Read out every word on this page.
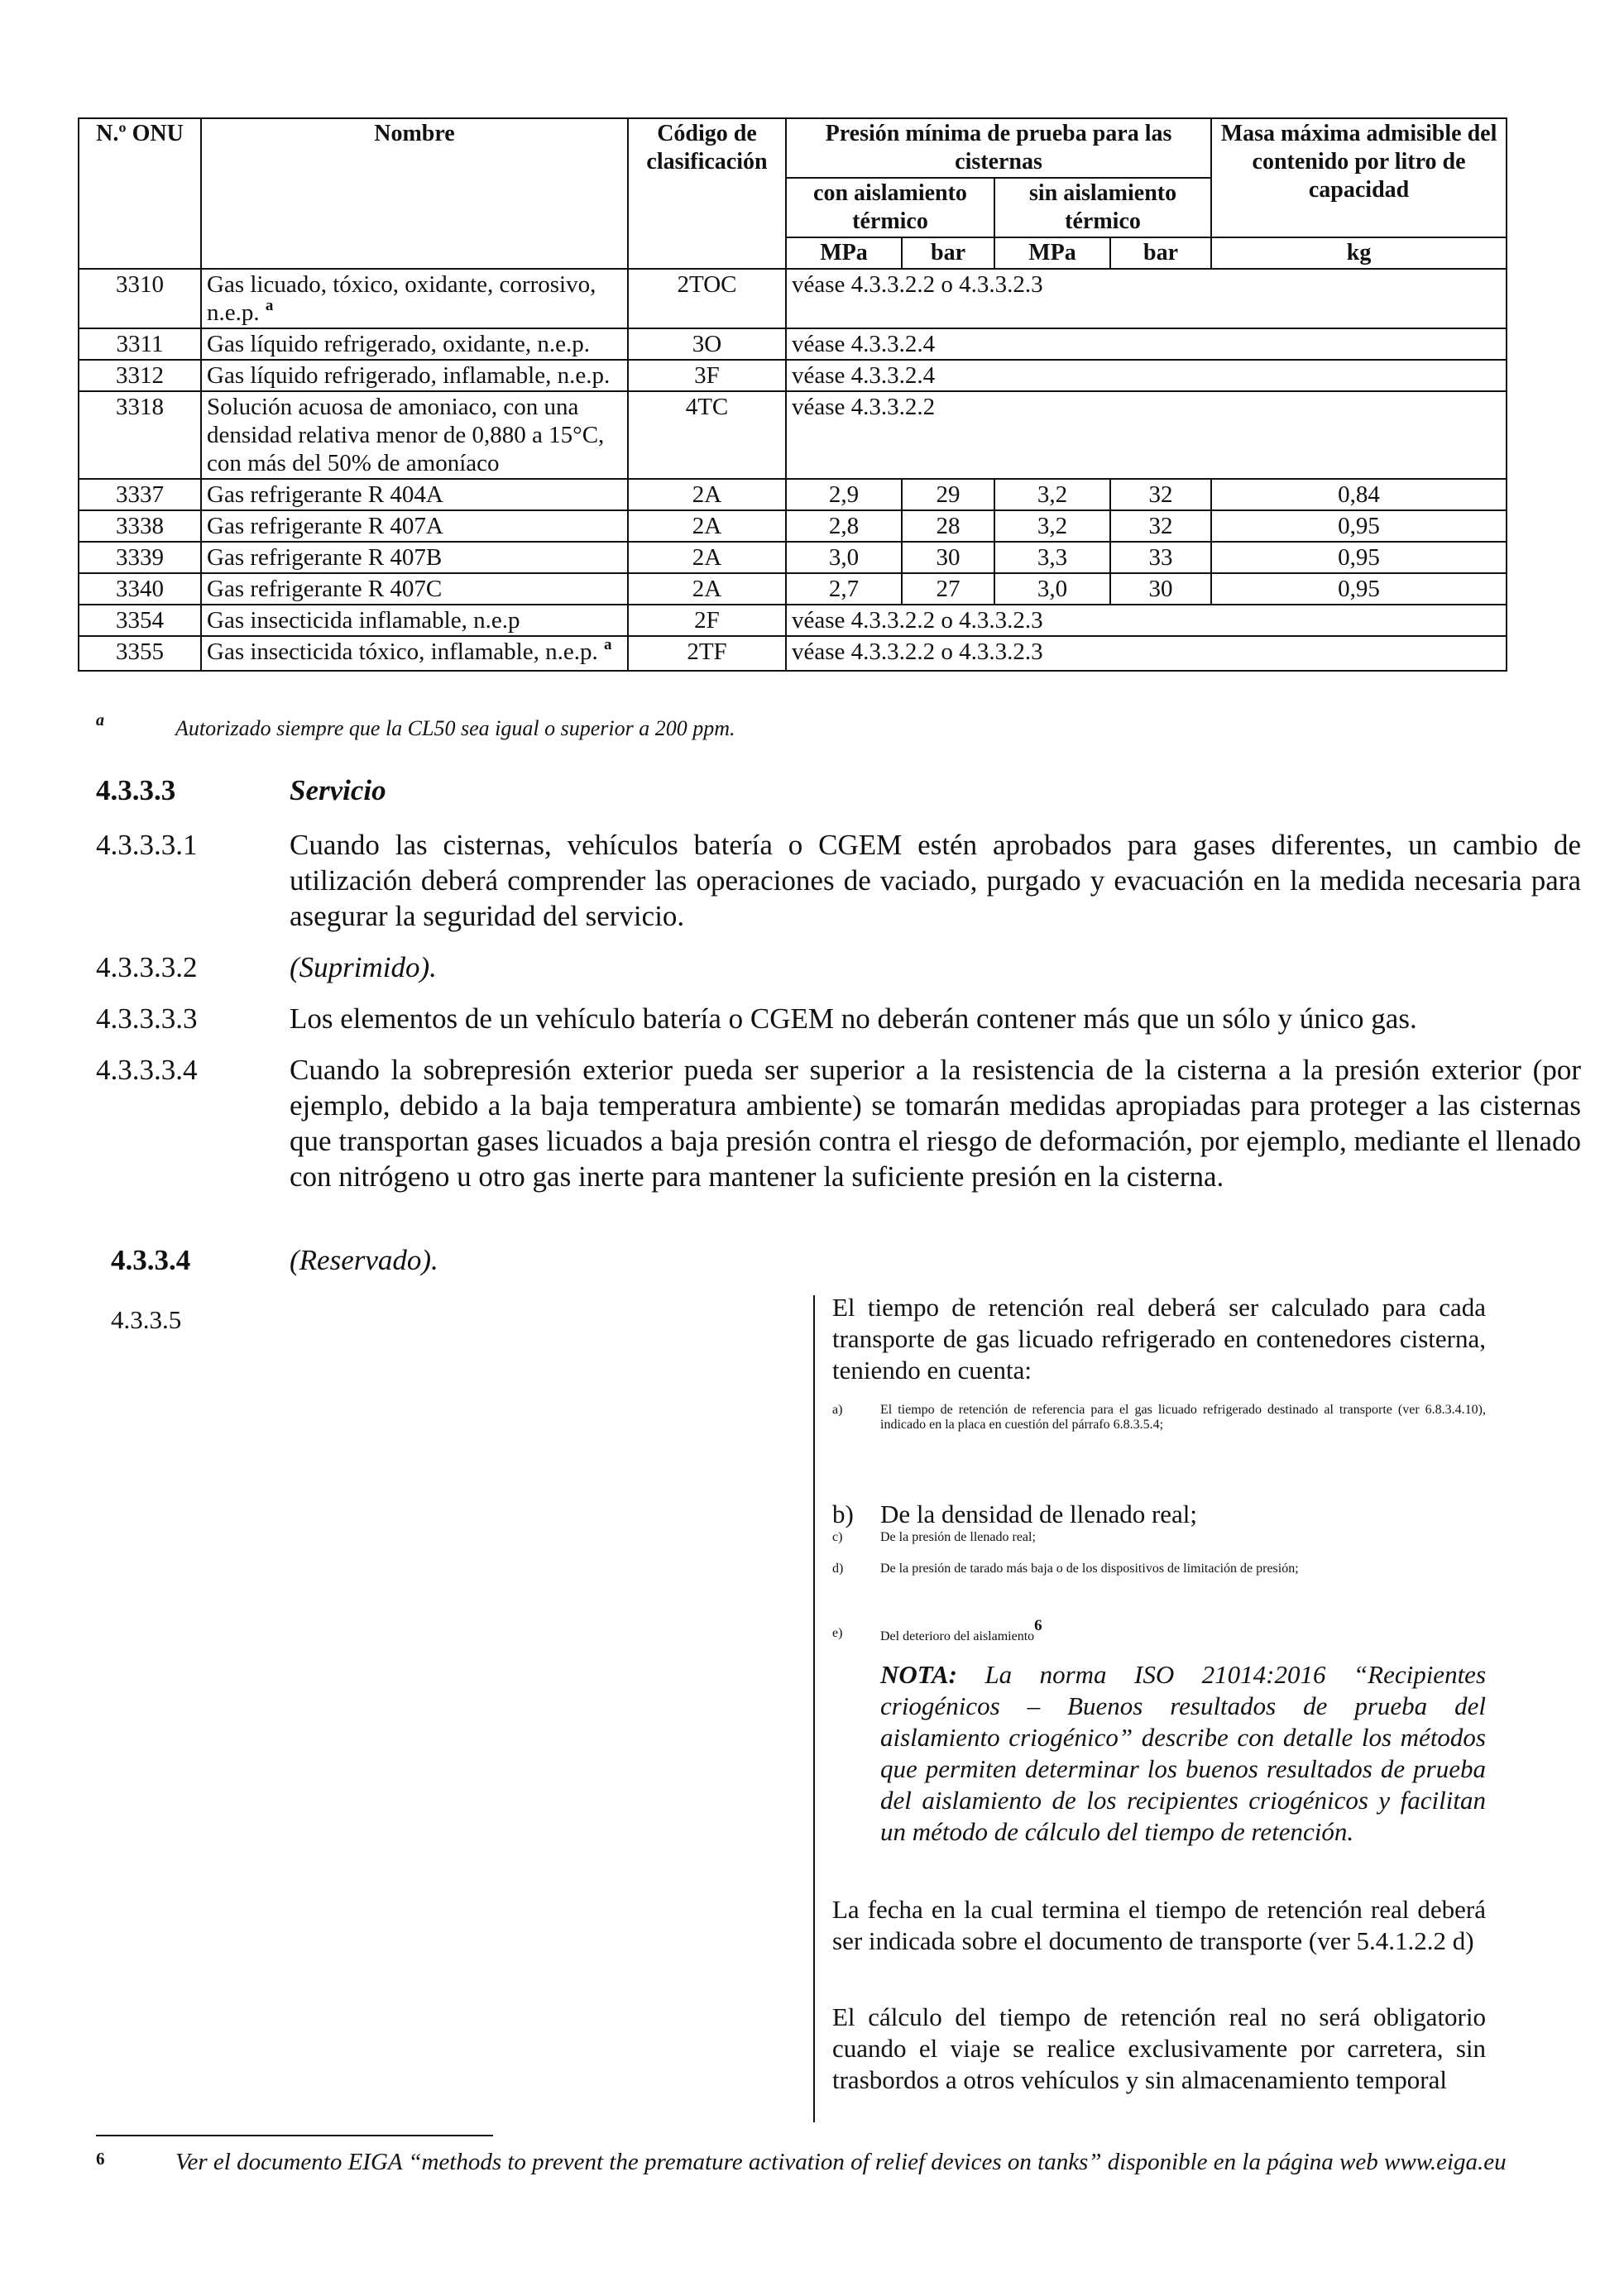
N.º ONU	Nombre	Código de clasificación	Presión mínima de prueba para las cisternas				Masa máxima admisible del contenido por litro de capacidad
			con aislamiento térmico		sin aislamiento térmico		
			MPa	bar	MPa	bar	kg
3310	Gas licuado, tóxico, oxidante, corrosivo, n.e.p. $^a$	2TOC	véase 4.3.3.2.2 o 4.3.3.2.3				
3311	Gas líquido refrigerado, oxidante, n.e.p.	3O	véase 4.3.3.2.4				
3312	Gas líquido refrigerado, inflamable, n.e.p.	3F	véase 4.3.3.2.4				
3318	Solución acuosa de amoniaco, con una densidad relativa menor de 0,880 a 15°C, con más del 50% de amoníaco	4TC	véase 4.3.3.2.2				
3337	Gas refrigerante R 404A	2A	2,9	29	3,2	32	0,84
3338	Gas refrigerante R 407A	2A	2,8	28	3,2	32	0,95
3339	Gas refrigerante R 407B	2A	3,0	30	3,3	33	0,95
3340	Gas refrigerante R 407C	2A	2,7	27	3,0	30	0,95
3354	Gas insecticida inflamable, n.e.p	2F	véase 4.3.3.2.2 o 4.3.3.2.3				
3355	Gas insecticida tóxico, inflamable, n.e.p. $^a$	2TF	véase 4.3.3.2.2 o 4.3.3.2.3				
a	Autorizado siempre que la CL50 sea igual o superior a 200 ppm.
4.3.3.3	Servicio
4.3.3.3.1	Cuando las cisternas, vehículos batería o CGEM estén aprobados para gases diferentes, un cambio de utilización deberá comprender las operaciones de vaciado, purgado y evacuación en la medida necesaria para asegurar la seguridad del servicio.
4.3.3.3.2	(Suprimido).
4.3.3.3.3	Los elementos de un vehículo batería o CGEM no deberán contener más que un sólo y único gas.
4.3.3.3.4	Cuando la sobrepresión exterior pueda ser superior a la resistencia de la cisterna a la presión exterior (por ejemplo, debido a la baja temperatura ambiente) se tomarán medidas apropiadas para proteger a las cisternas que transportan gases licuados a baja presión contra el riesgo de deformación, por ejemplo, mediante el llenado con nitrógeno u otro gas inerte para mantener la suficiente presión en la cisterna.
4.3.3.4	(Reservado).
4.3.3.5	El tiempo de retención real deberá ser calculado para cada transporte de gas licuado refrigerado en contenedores cisterna, teniendo en cuenta:
a)	El tiempo de retención de referencia para el gas licuado refrigerado destinado al transporte (ver 6.8.3.4.10), indicado en la placa en cuestión del párrafo 6.8.3.5.4;
b) De la densidad de llenado real;
c)	De la presión de llenado real;
d)	De la presión de tarado más baja o de los dispositivos de limitación de presión;
e)	Del deterioro del aislamiento$^6$
NOTA: La norma ISO 21014:2016 “Recipientes criogénicos – Buenos resultados de prueba del aislamiento criogénico” describe con detalle los métodos que permiten determinar los buenos resultados de prueba del aislamiento de los recipientes criogénicos y facilitan un método de cálculo del tiempo de retención.
La fecha en la cual termina el tiempo de retención real deberá ser indicada sobre el documento de transporte (ver 5.4.1.2.2 d)
El cálculo del tiempo de retención real no será obligatorio cuando el viaje se realice exclusivamente por carretera, sin trasbordos a otros vehículos y sin almacenamiento temporal
6	Ver el documento EIGA “methods to prevent the premature activation of relief devices on tanks” disponible en la página web www.eiga.eu
